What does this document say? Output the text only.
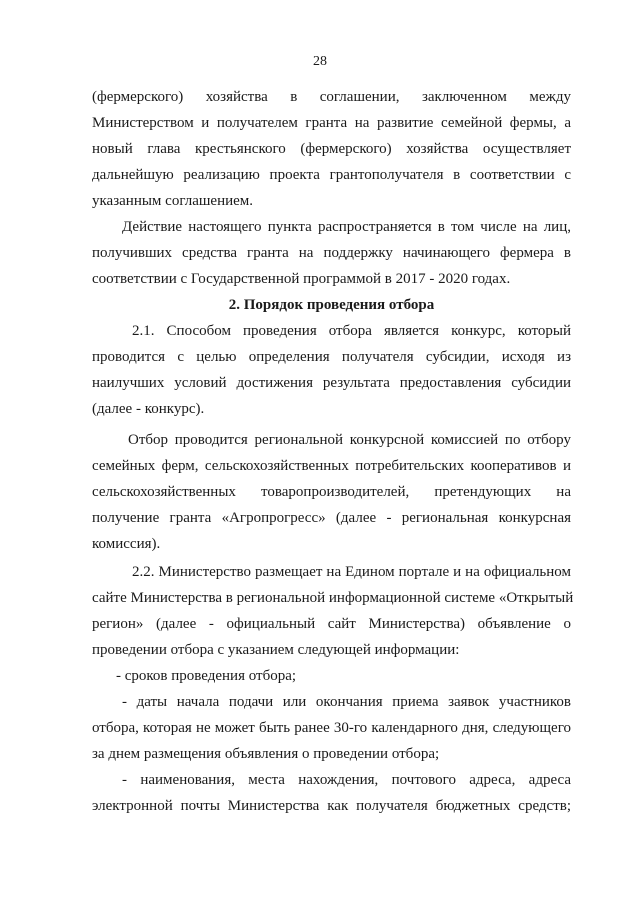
28
(фермерского) хозяйства в соглашении, заключенном между
Министерством и получателем гранта на развитие семейной фермы, а
новый глава крестьянского (фермерского) хозяйства осуществляет
дальнейшую реализацию проекта грантополучателя в соответствии с
указанным соглашением.
Действие настоящего пункта распространяется в том числе на лиц,
получивших средства гранта на поддержку начинающего фермера в
соответствии с Государственной программой в 2017 - 2020 годах.
2. Порядок проведения отбора
2.1. Способом проведения отбора является конкурс, который
проводится с целью определения получателя субсидии, исходя из
наилучших условий достижения результата предоставления субсидии
(далее - конкурс).
Отбор проводится региональной конкурсной комиссией по отбору
семейных ферм, сельскохозяйственных потребительских кооперативов и
сельскохозяйственных товаропроизводителей, претендующих на
получение гранта «Агропрогресс» (далее - региональная конкурсная
комиссия).
2.2. Министерство размещает на Едином портале и на официальном
сайте Министерства в региональной информационной системе «Открытый
регион» (далее - официальный сайт Министерства) объявление о
проведении отбора с указанием следующей информации:
- сроков проведения отбора;
- даты начала подачи или окончания приема заявок участников
отбора, которая не может быть ранее 30-го календарного дня, следующего
за днем размещения объявления о проведении отбора;
- наименования, места нахождения, почтового адреса, адреса
электронной почты Министерства как получателя бюджетных средств;
